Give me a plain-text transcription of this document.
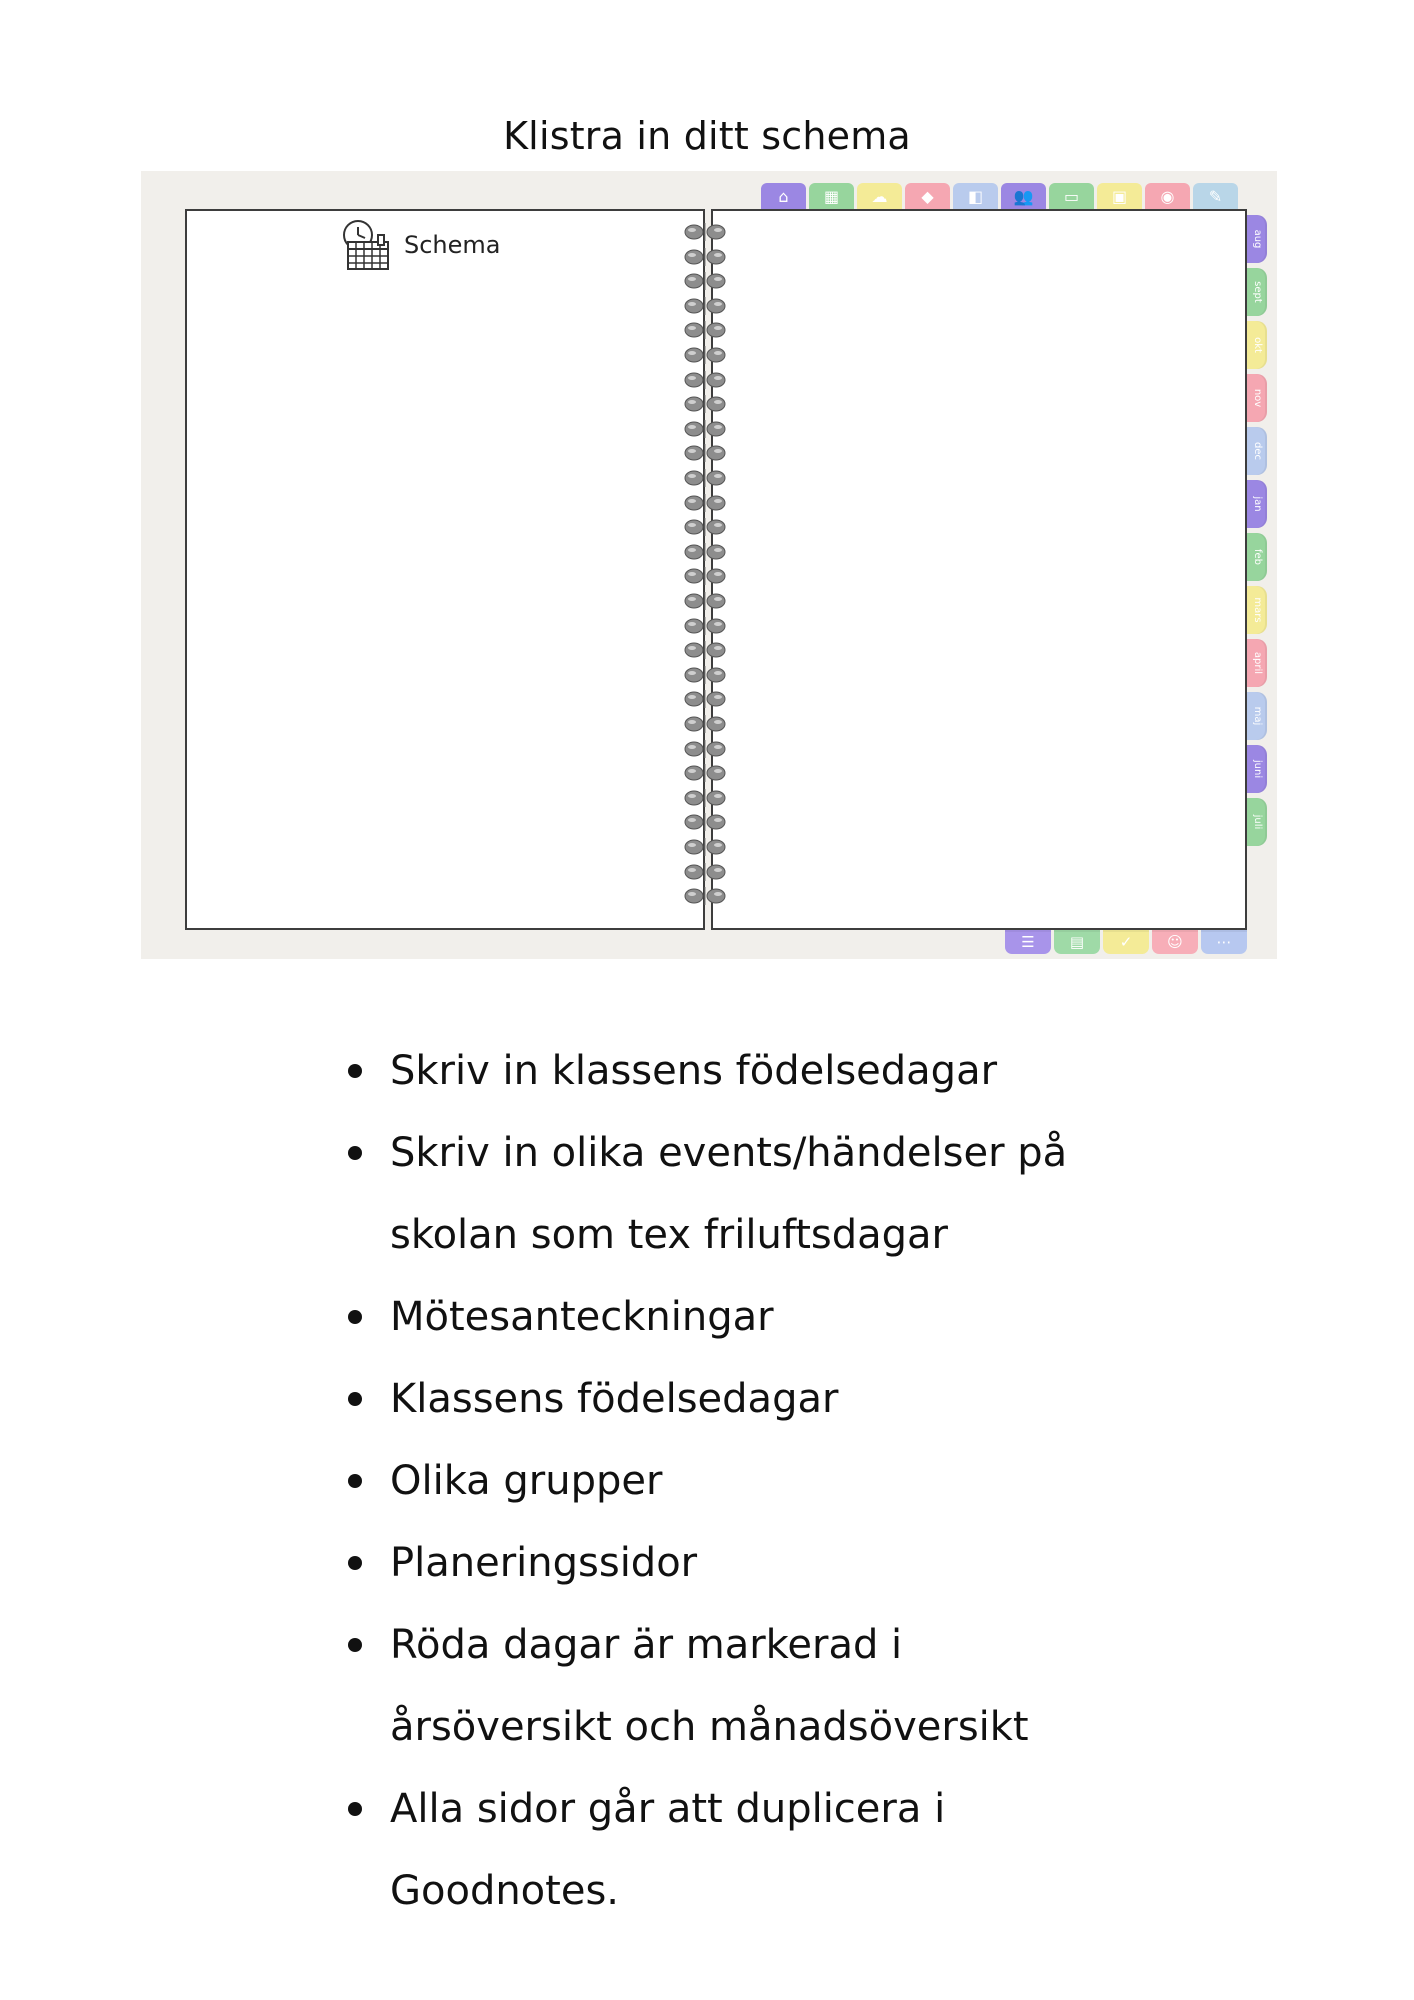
Klistra in ditt schema
⌂ ▦ ☁ ◆ ◧ 👥 ▭ ▣ ◉ ✎
Schema	aug
sept
okt
nov
dec
jan
feb
mars
april
maj
juni
juli
☰ ▤ ✓ ☺ ⋯
Skriv in klassens födelsedagar
Skriv in olika events/händelser på skolan som tex friluftsdagar
Mötesanteckningar
Klassens födelsedagar
Olika grupper
Planeringssidor
Röda dagar är markerad i årsöversikt och månadsöversikt
Alla sidor går att duplicera i Goodnotes.
